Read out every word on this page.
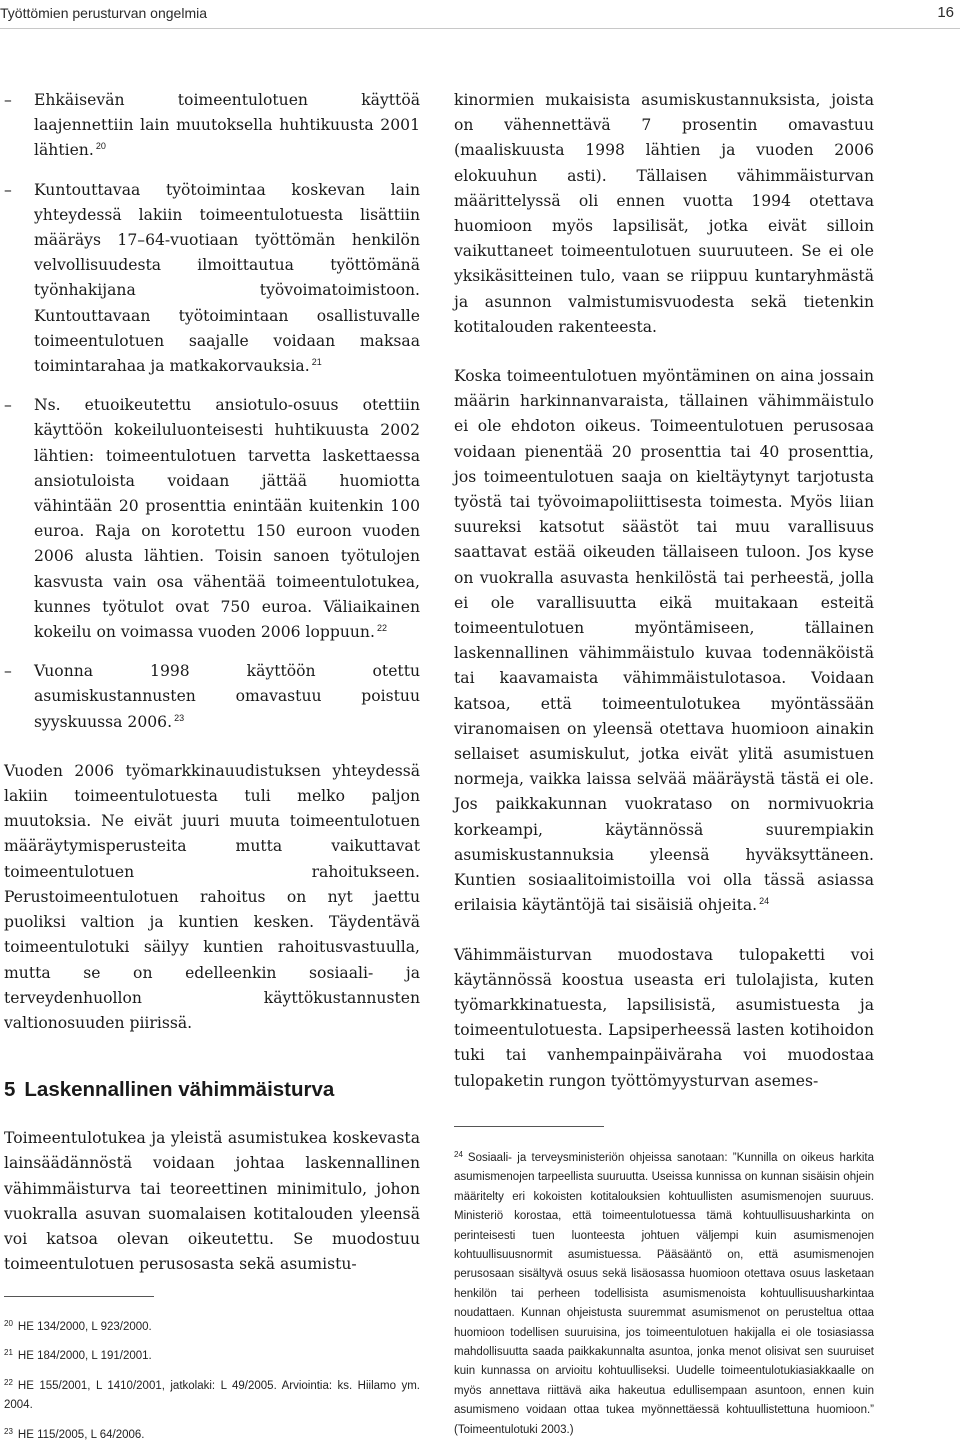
Työttömien perusturvan ongelmia	16

– Ehkäisevän toimeentulotuen käyttöä laajennettiin lain muutoksella huhtikuusta 2001 lähtien. $^{20}$

– Kuntouttavaa työtoimintaa koskevan lain yhteydessä lakiin toimeentulotuesta lisättiin määräys 17–64-vuotiaan työttömän henkilön velvollisuudesta ilmoittautua työttömänä työnhakijana työvoimatoimistoon. Kuntouttavaan työtoimintaan osallistuvalle toimeentulotuen saajalle voidaan maksaa toimintarahaa ja matkakorvauksia. $^{21}$

– Ns. etuoikeutettu ansiotulo-osuus otettiin käyttöön kokeiluluonteisesti huhtikuusta 2002 lähtien: toimeentulotuen tarvetta laskettaessa ansiotuloista voidaan jättää huomiotta vähintään 20 prosenttia enintään kuitenkin 100 euroa. Raja on korotettu 150 euroon vuoden 2006 alusta lähtien. Toisin sanoen työtulojen kasvusta vain osa vähentää toimeentulotukea, kunnes työtulot ovat 750 euroa. Väliaikainen kokeilu on voimassa vuoden 2006 loppuun. $^{22}$

– Vuonna 1998 käyttöön otettu asumiskustannusten omavastuu poistuu syyskuussa 2006. $^{23}$

Vuoden 2006 työmarkkinauudistuksen yhteydessä lakiin toimeentulotuesta tuli melko paljon muutoksia. Ne eivät juuri muuta toimeentulotuen määräytymisperusteita mutta vaikuttavat toimeentulotuen rahoitukseen. Perustoimeentulotuen rahoitus on nyt jaettu puoliksi valtion ja kuntien kesken. Täydentävä toimeentulotuki säilyy kuntien rahoitusvastuulla, mutta se on edelleenkin sosiaali- ja terveydenhuollon käyttökustannusten valtionosuuden piirissä.

5 Laskennallinen vähimmäisturva

Toimeentulotukea ja yleistä asumistukea koskevasta lainsäädännöstä voidaan johtaa laskennallinen vähimmäisturva tai teoreettinen minimitulo, johon vuokralla asuvan suomalaisen kotitalouden yleensä voi katsoa olevan oikeutettu. Se muodostuu toimeentulotuen perusosasta sekä asumistu-

kinormien mukaisista asumiskustannuksista, joista on vähennettävä 7 prosentin omavastuu (maaliskuusta 1998 lähtien ja vuoden 2006 elokuuhun asti). Tällaisen vähimmäisturvan määrittelyssä oli ennen vuotta 1994 otettava huomioon myös lapsilisät, jotka eivät silloin vaikuttaneet toimeentulotuen suuruuteen. Se ei ole yksikäsitteinen tulo, vaan se riippuu kuntaryhmästä ja asunnon valmistumisvuodesta sekä tietenkin kotitalouden rakenteesta.

Koska toimeentulotuen myöntäminen on aina jossain määrin harkinnanvaraista, tällainen vähimmäistulo ei ole ehdoton oikeus. Toimeentulotuen perusosaa voidaan pienentää 20 prosenttia tai 40 prosenttia, jos toimeentulotuen saaja on kieltäytynyt tarjotusta työstä tai työvoimapoliittisesta toimesta. Myös liian suureksi katsotut säästöt tai muu varallisuus saattavat estää oikeuden tällaiseen tuloon. Jos kyse on vuokralla asuvasta henkilöstä tai perheestä, jolla ei ole varallisuutta eikä muitakaan esteitä toimeentulotuen myöntämiseen, tällainen laskennallinen vähimmäistulo kuvaa todennäköistä tai kaavamaista vähimmäistulotasoa. Voidaan katsoa, että toimeentulotukea myöntässään viranomaisen on yleensä otettava huomioon ainakin sellaiset asumiskulut, jotka eivät ylitä asumistuen normeja, vaikka laissa selvää määräystä tästä ei ole. Jos paikkakunnan vuokrataso on normivuokria korkeampi, käytännössä suurempiakin asumiskustannuksia yleensä hyväksyttäneen. Kuntien sosiaalitoimistoilla voi olla tässä asiassa erilaisia käytäntöjä tai sisäisiä ohjeita. $^{24}$

Vähimmäisturvan muodostava tulopaketti voi käytännössä koostua useasta eri tulolajista, kuten työmarkkinatuesta, lapsilisistä, asumistuesta ja toimeentulotuesta. Lapsiperheessä lasten kotihoidon tuki tai vanhempainpäiväraha voi muodostaa tulopaketin rungon työttömyysturvan asemes-

$^{20}$ HE 134/2000, L 923/2000.

$^{21}$ HE 184/2000, L 191/2001.

$^{22}$ HE 155/2001, L 1410/2001, jatkolaki: L 49/2005. Arviointia: ks. Hiilamo ym. 2004.

$^{23}$ HE 115/2005, L 64/2006.

$^{24}$ Sosiaali- ja terveysministeriön ohjeissa sanotaan: ”Kunnilla on oikeus harkita asumismenojen tarpeellista suuruutta. Useissa kunnissa on kunnan sisäisin ohjein määritelty eri kokoisten kotitalouksien kohtuullisten asumismenojen suuruus. Ministeriö korostaa, että toimeentulotuessa tämä kohtuullisuusharkinta on perinteisesti tuen luonteesta johtuen väljempi kuin asumismenojen kohtuullisuusnormit asumistuessa. Pääsääntö on, että asumismenojen perusosaan sisältyvä osuus sekä lisäosassa huomioon otettava osuus lasketaan henkilön tai perheen todellisista asumismenoista kohtuullisuusharkintaa noudattaen. Kunnan ohjeistusta suuremmat asumismenot on perusteltua ottaa huomioon todellisen suuruisina, jos toimeentulotuen hakijalla ei ole tosiasiassa mahdollisuutta saada paikkakunnalta asuntoa, jonka menot olisivat sen suuruiset kuin kunnassa on arvioitu kohtuulliseksi. Uudelle toimeentulotukiasiakkaalle on myös annettava riittävä aika hakeutua edullisempaan asuntoon, ennen kuin asumismeno voidaan ottaa tukea myönnettäessä kohtuullistettuna huomioon.” (Toimeentulotuki 2003.)
